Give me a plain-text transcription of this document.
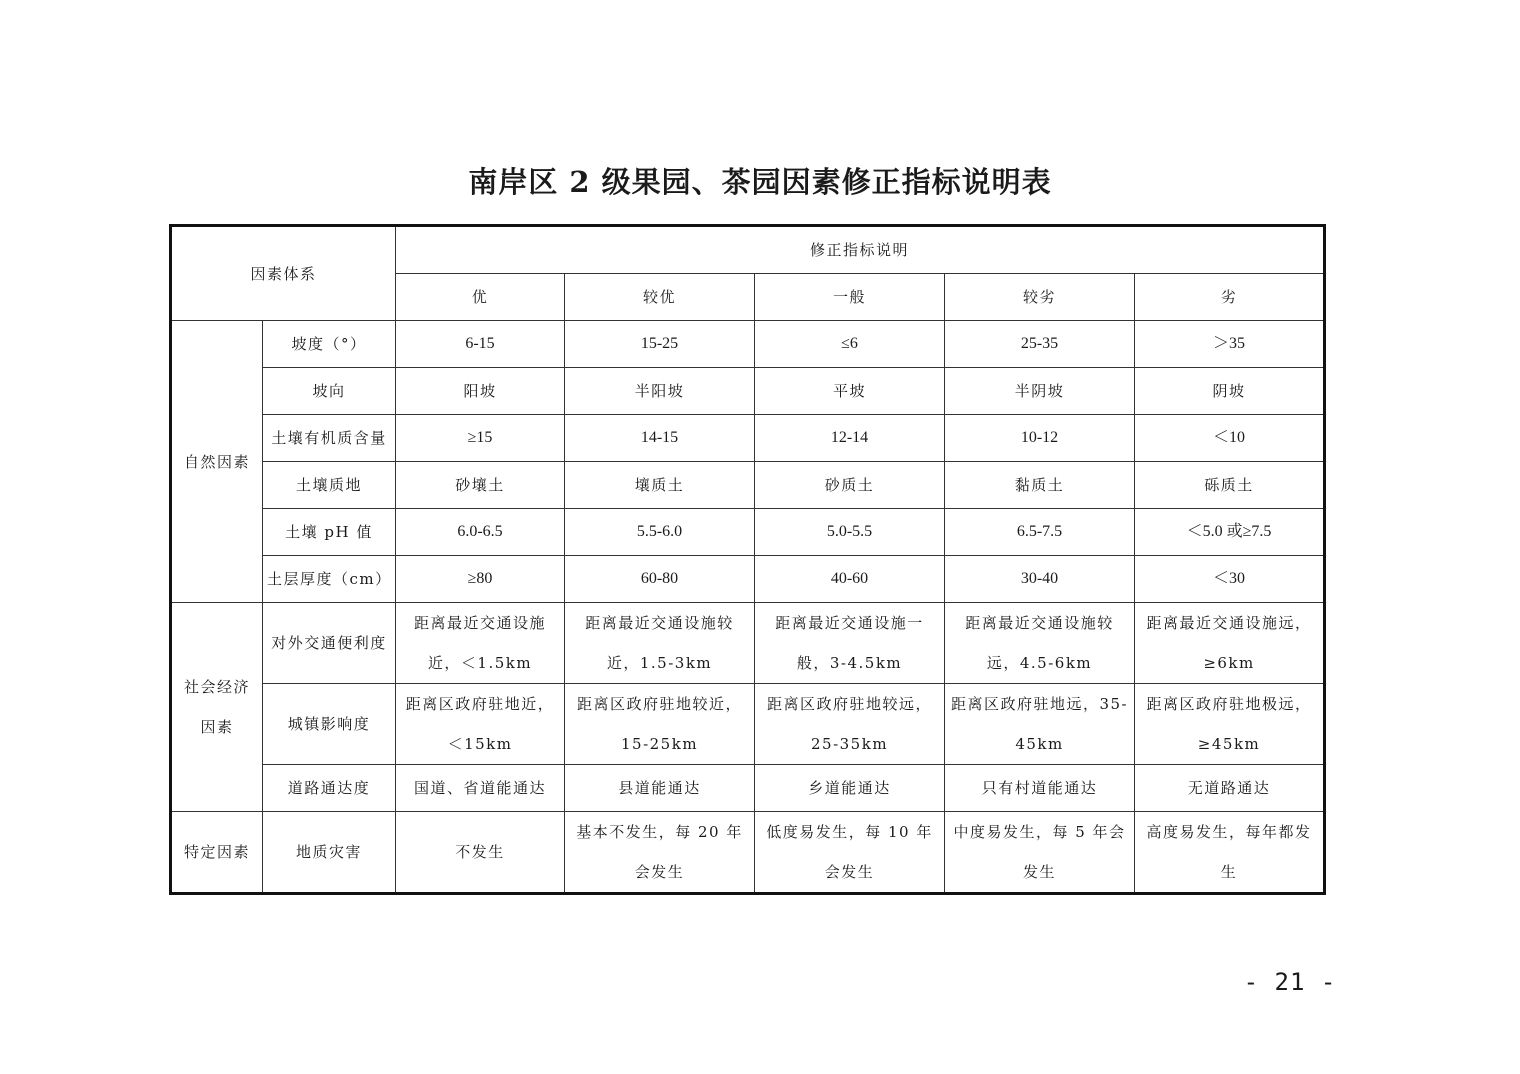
南岸区 2 级果园、茶园因素修正指标说明表
因素体系		修正指标说明				
		优	较优	一般	较劣	劣
自然因素	坡度（°）	6-15	15-25	≤6	25-35	＞35
	坡向	阳坡	半阳坡	平坡	半阴坡	阴坡
	土壤有机质含量	≥15	14-15	12-14	10-12	＜10
	土壤质地	砂壤土	壤质土	砂质土	黏质土	砾质土
	土壤 pH 值	6.0-6.5	5.5-6.0	5.0-5.5	6.5-7.5	＜5.0 或≥7.5
	土层厚度（cm）	≥80	60-80	40-60	30-40	＜30
社会经济因素	对外交通便利度	距离最近交通设施近，＜1.5km	距离最近交通设施较近，1.5-3km	距离最近交通设施一般，3-4.5km	距离最近交通设施较远，4.5-6km	距离最近交通设施远，≥6km
	城镇影响度	距离区政府驻地近，＜15km	距离区政府驻地较近，15-25km	距离区政府驻地较远，25-35km	距离区政府驻地远，35-45km	距离区政府驻地极远，≥45km
	道路通达度	国道、省道能通达	县道能通达	乡道能通达	只有村道能通达	无道路通达
特定因素	地质灾害	不发生	基本不发生，每 20 年会发生	低度易发生，每 10 年会发生	中度易发生，每 5 年会发生	高度易发生，每年都发生
- 21 -
